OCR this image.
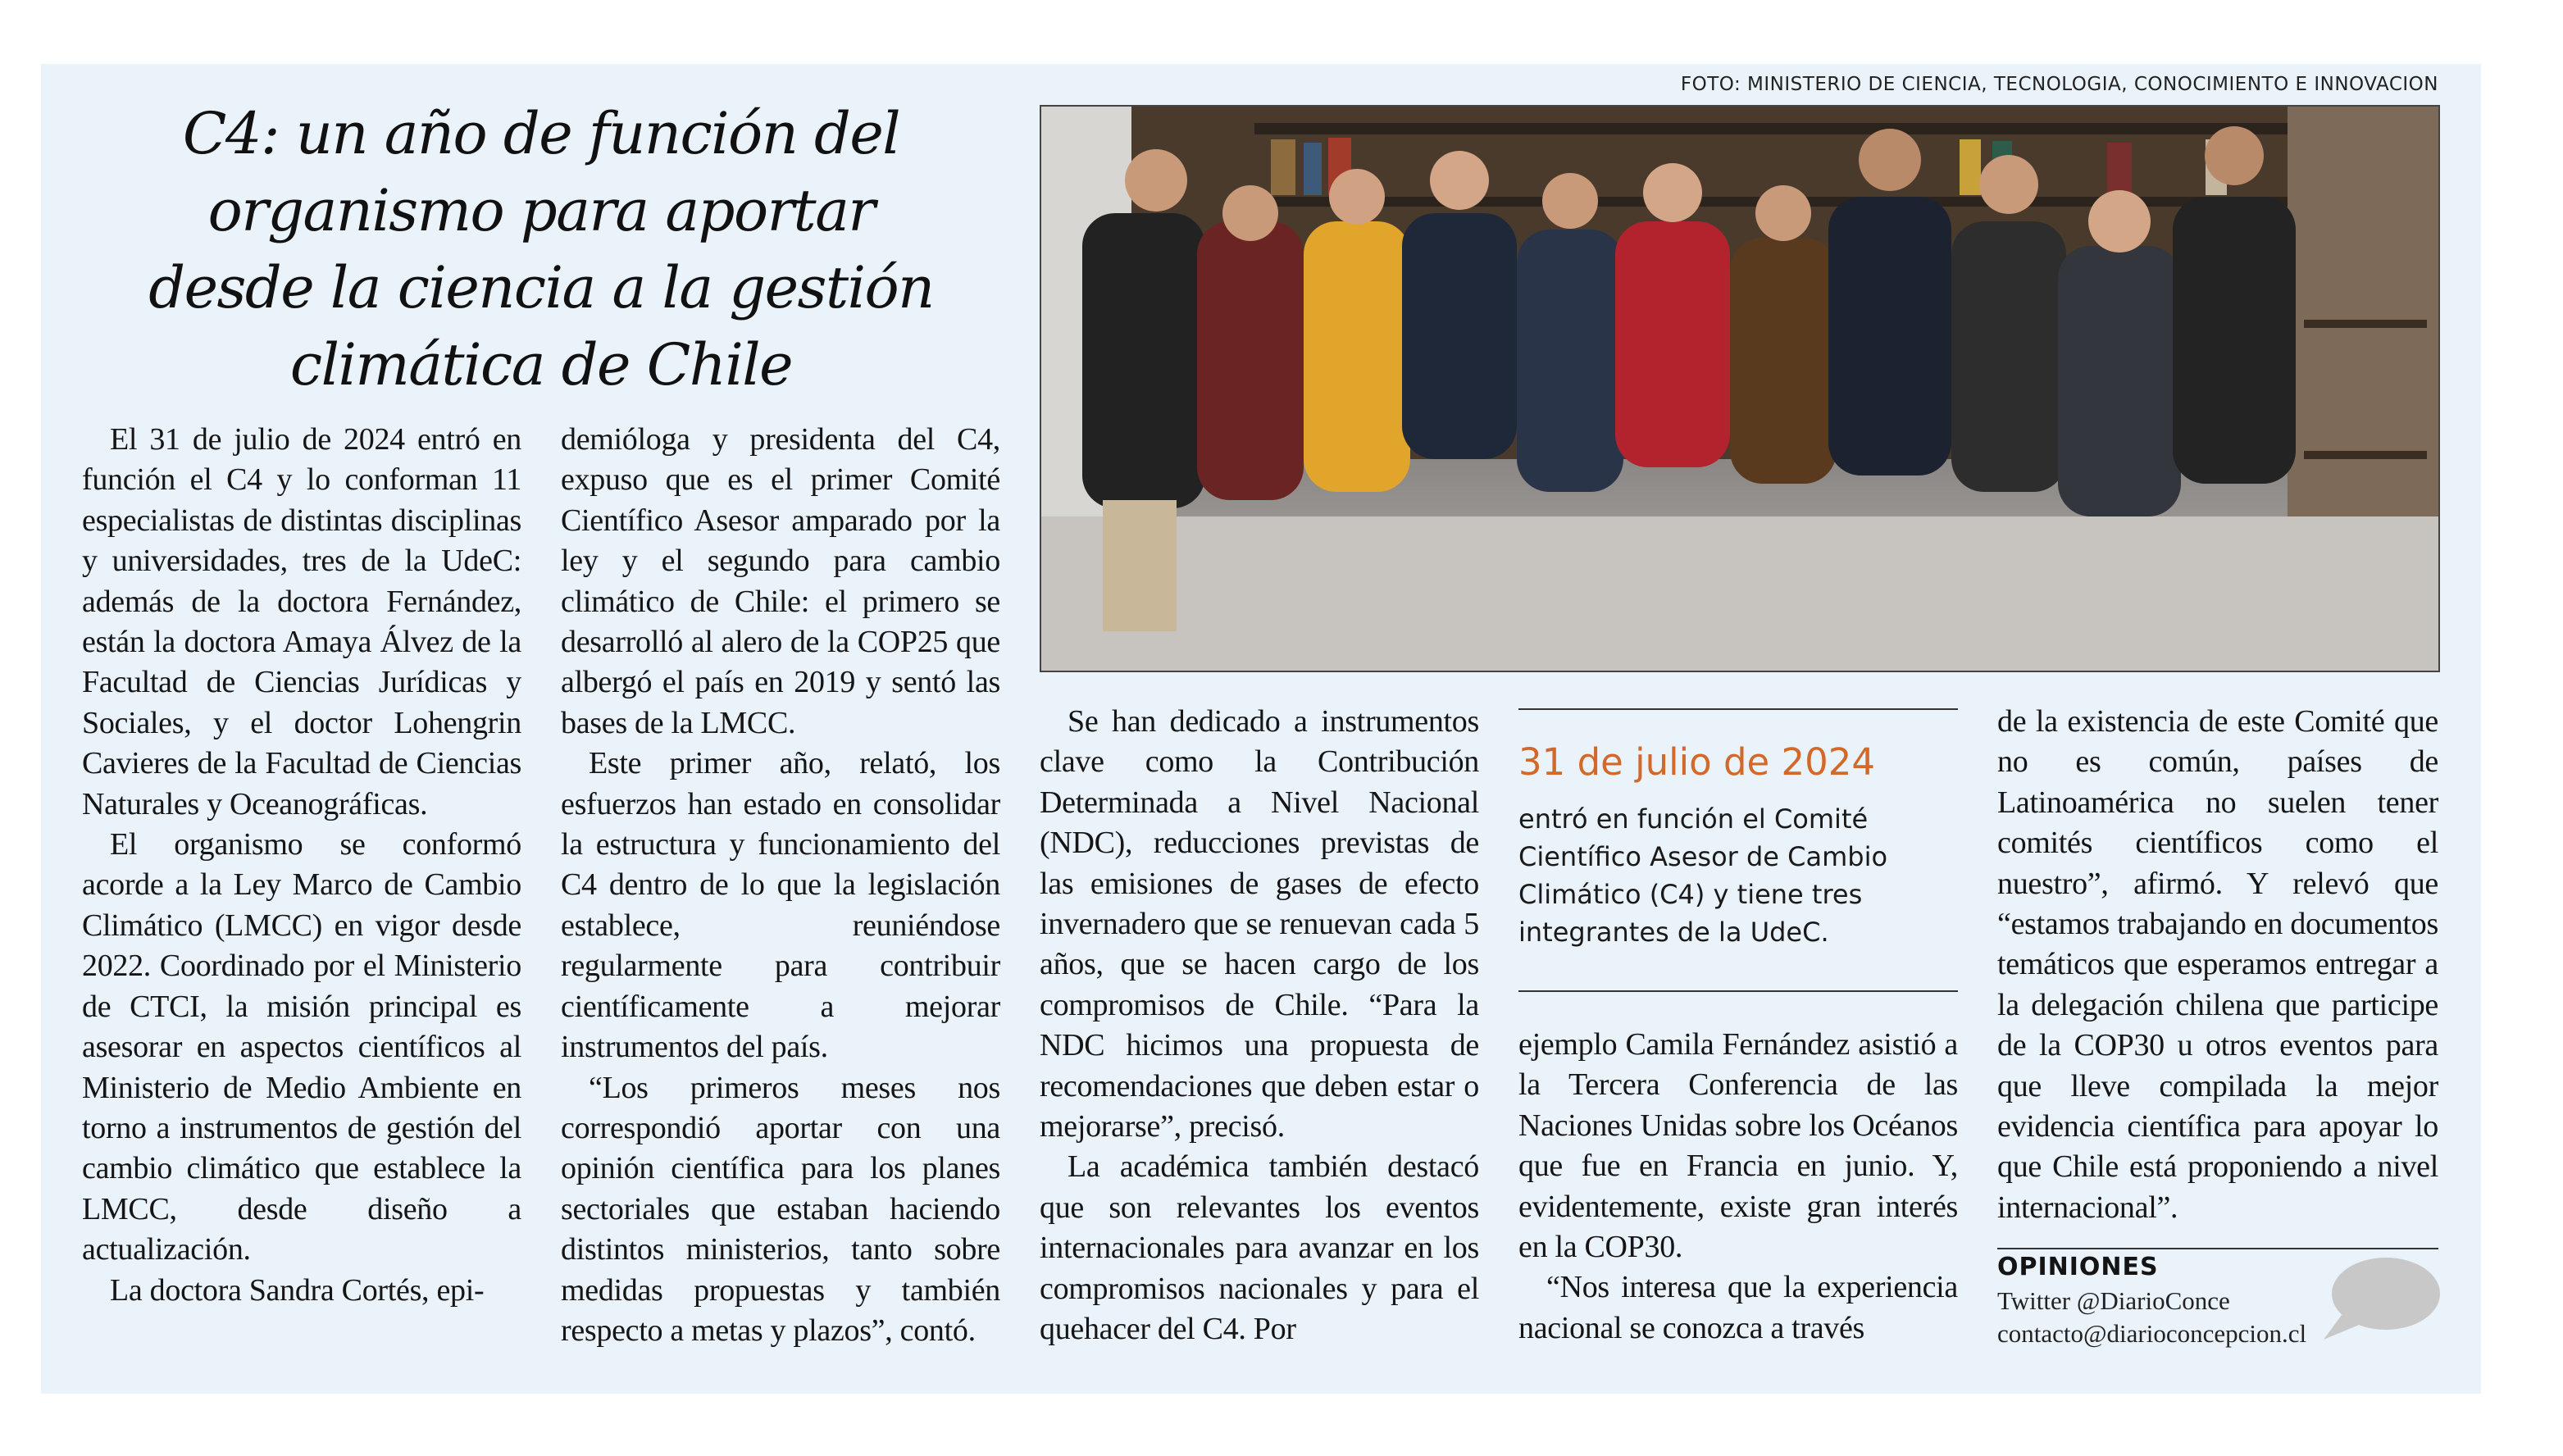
FOTO: MINISTERIO DE CIENCIA, TECNOLOGIA, CONOCIMIENTO E INNOVACION
C4: un año de función del organismo para aportar desde la ciencia a la gestión climática de Chile

El 31 de julio de 2024 entró en función el C4 y lo conforman 11 especialistas de distintas disciplinas y universidades, tres de la UdeC: además de la doctora Fernández, están la doctora Amaya Álvez de la Facultad de Ciencias Jurídicas y Sociales, y el doctor Lohengrin Cavieres de la Facultad de Ciencias Naturales y Oceanográficas.

El organismo se conformó acorde a la Ley Marco de Cambio Climático (LMCC) en vigor desde 2022. Coordinado por el Ministerio de CTCI, la misión principal es asesorar en aspectos científicos al Ministerio de Medio Ambiente en torno a instrumentos de gestión del cambio climático que establece la LMCC, desde diseño a actualización.

La doctora Sandra Cortés, epi-

demióloga y presidenta del C4, expuso que es el primer Comité Científico Asesor amparado por la ley y el segundo para cambio climático de Chile: el primero se desarrolló al alero de la COP25 que albergó el país en 2019 y sentó las bases de la LMCC.

Este primer año, relató, los esfuerzos han estado en consolidar la estructura y funcionamiento del C4 dentro de lo que la legislación establece, reuniéndose regularmente para contribuir científicamente a mejorar instrumentos del país.

“Los primeros meses nos correspondió aportar con una opinión científica para los planes sectoriales que estaban haciendo distintos ministerios, tanto sobre medidas propuestas y también respecto a metas y plazos”, contó.

Se han dedicado a instrumentos clave como la Contribución Determinada a Nivel Nacional (NDC), reducciones previstas de las emisiones de gases de efecto invernadero que se renuevan cada 5 años, que se hacen cargo de los compromisos de Chile. “Para la NDC hicimos una propuesta de recomendaciones que deben estar o mejorarse”, precisó.

La académica también destacó que son relevantes los eventos internacionales para avanzar en los compromisos nacionales y para el quehacer del C4. Por

31 de julio de 2024

entró en función el Comité Científico Asesor de Cambio Climático (C4) y tiene tres integrantes de la UdeC.

ejemplo Camila Fernández asistió a la Tercera Conferencia de las Naciones Unidas sobre los Océanos que fue en Francia en junio. Y, evidentemente, existe gran interés en la COP30.

“Nos interesa que la experiencia nacional se conozca a través

de la existencia de este Comité que no es común, países de Latinoamérica no suelen tener comités científicos como el nuestro”, afirmó. Y relevó que “estamos trabajando en documentos temáticos que esperamos entregar a la delegación chilena que participe de la COP30 u otros eventos para que lleve compilada la mejor evidencia científica para apoyar lo que Chile está proponiendo a nivel internacional”.

OPINIONES

Twitter @DiarioConce

contacto@diarioconcepcion.cl
